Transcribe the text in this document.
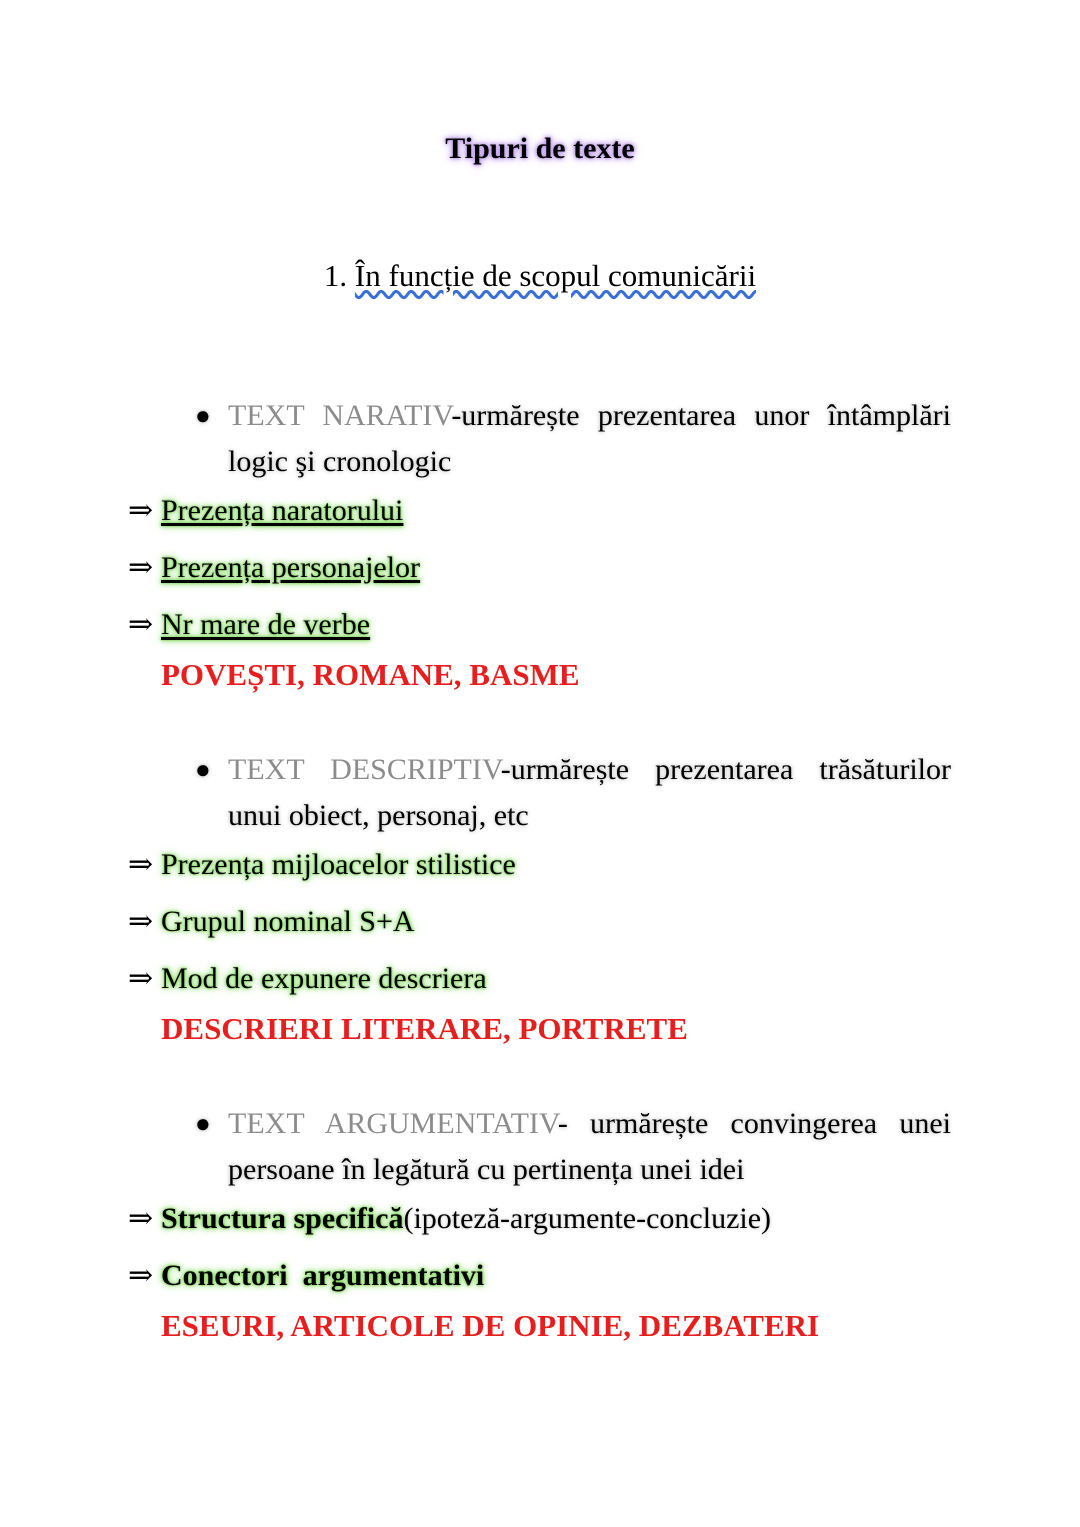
Tipuri de texte
1. În funcție de scopul comunicării
● TEXT NARATIV-urmărește prezentarea unor întâmplări logic şi cronologic
⇒ Prezența naratorului
⇒ Prezența personajelor
⇒ Nr mare de verbe
POVEȘTI, ROMANE, BASME
● TEXT DESCRIPTIV-urmărește prezentarea trăsăturilor unui obiect, personaj, etc
⇒ Prezența mijloacelor stilistice
⇒ Grupul nominal S+A
⇒ Mod de expunere descriera
DESCRIERI LITERARE, PORTRETE
● TEXT ARGUMENTATIV- urmărește convingerea unei persoane în legătură cu pertinența unei idei
⇒ Structura specifică(ipoteză-argumente-concluzie)
⇒ Conectori  argumentativi
ESEURI, ARTICOLE DE OPINIE, DEZBATERI
